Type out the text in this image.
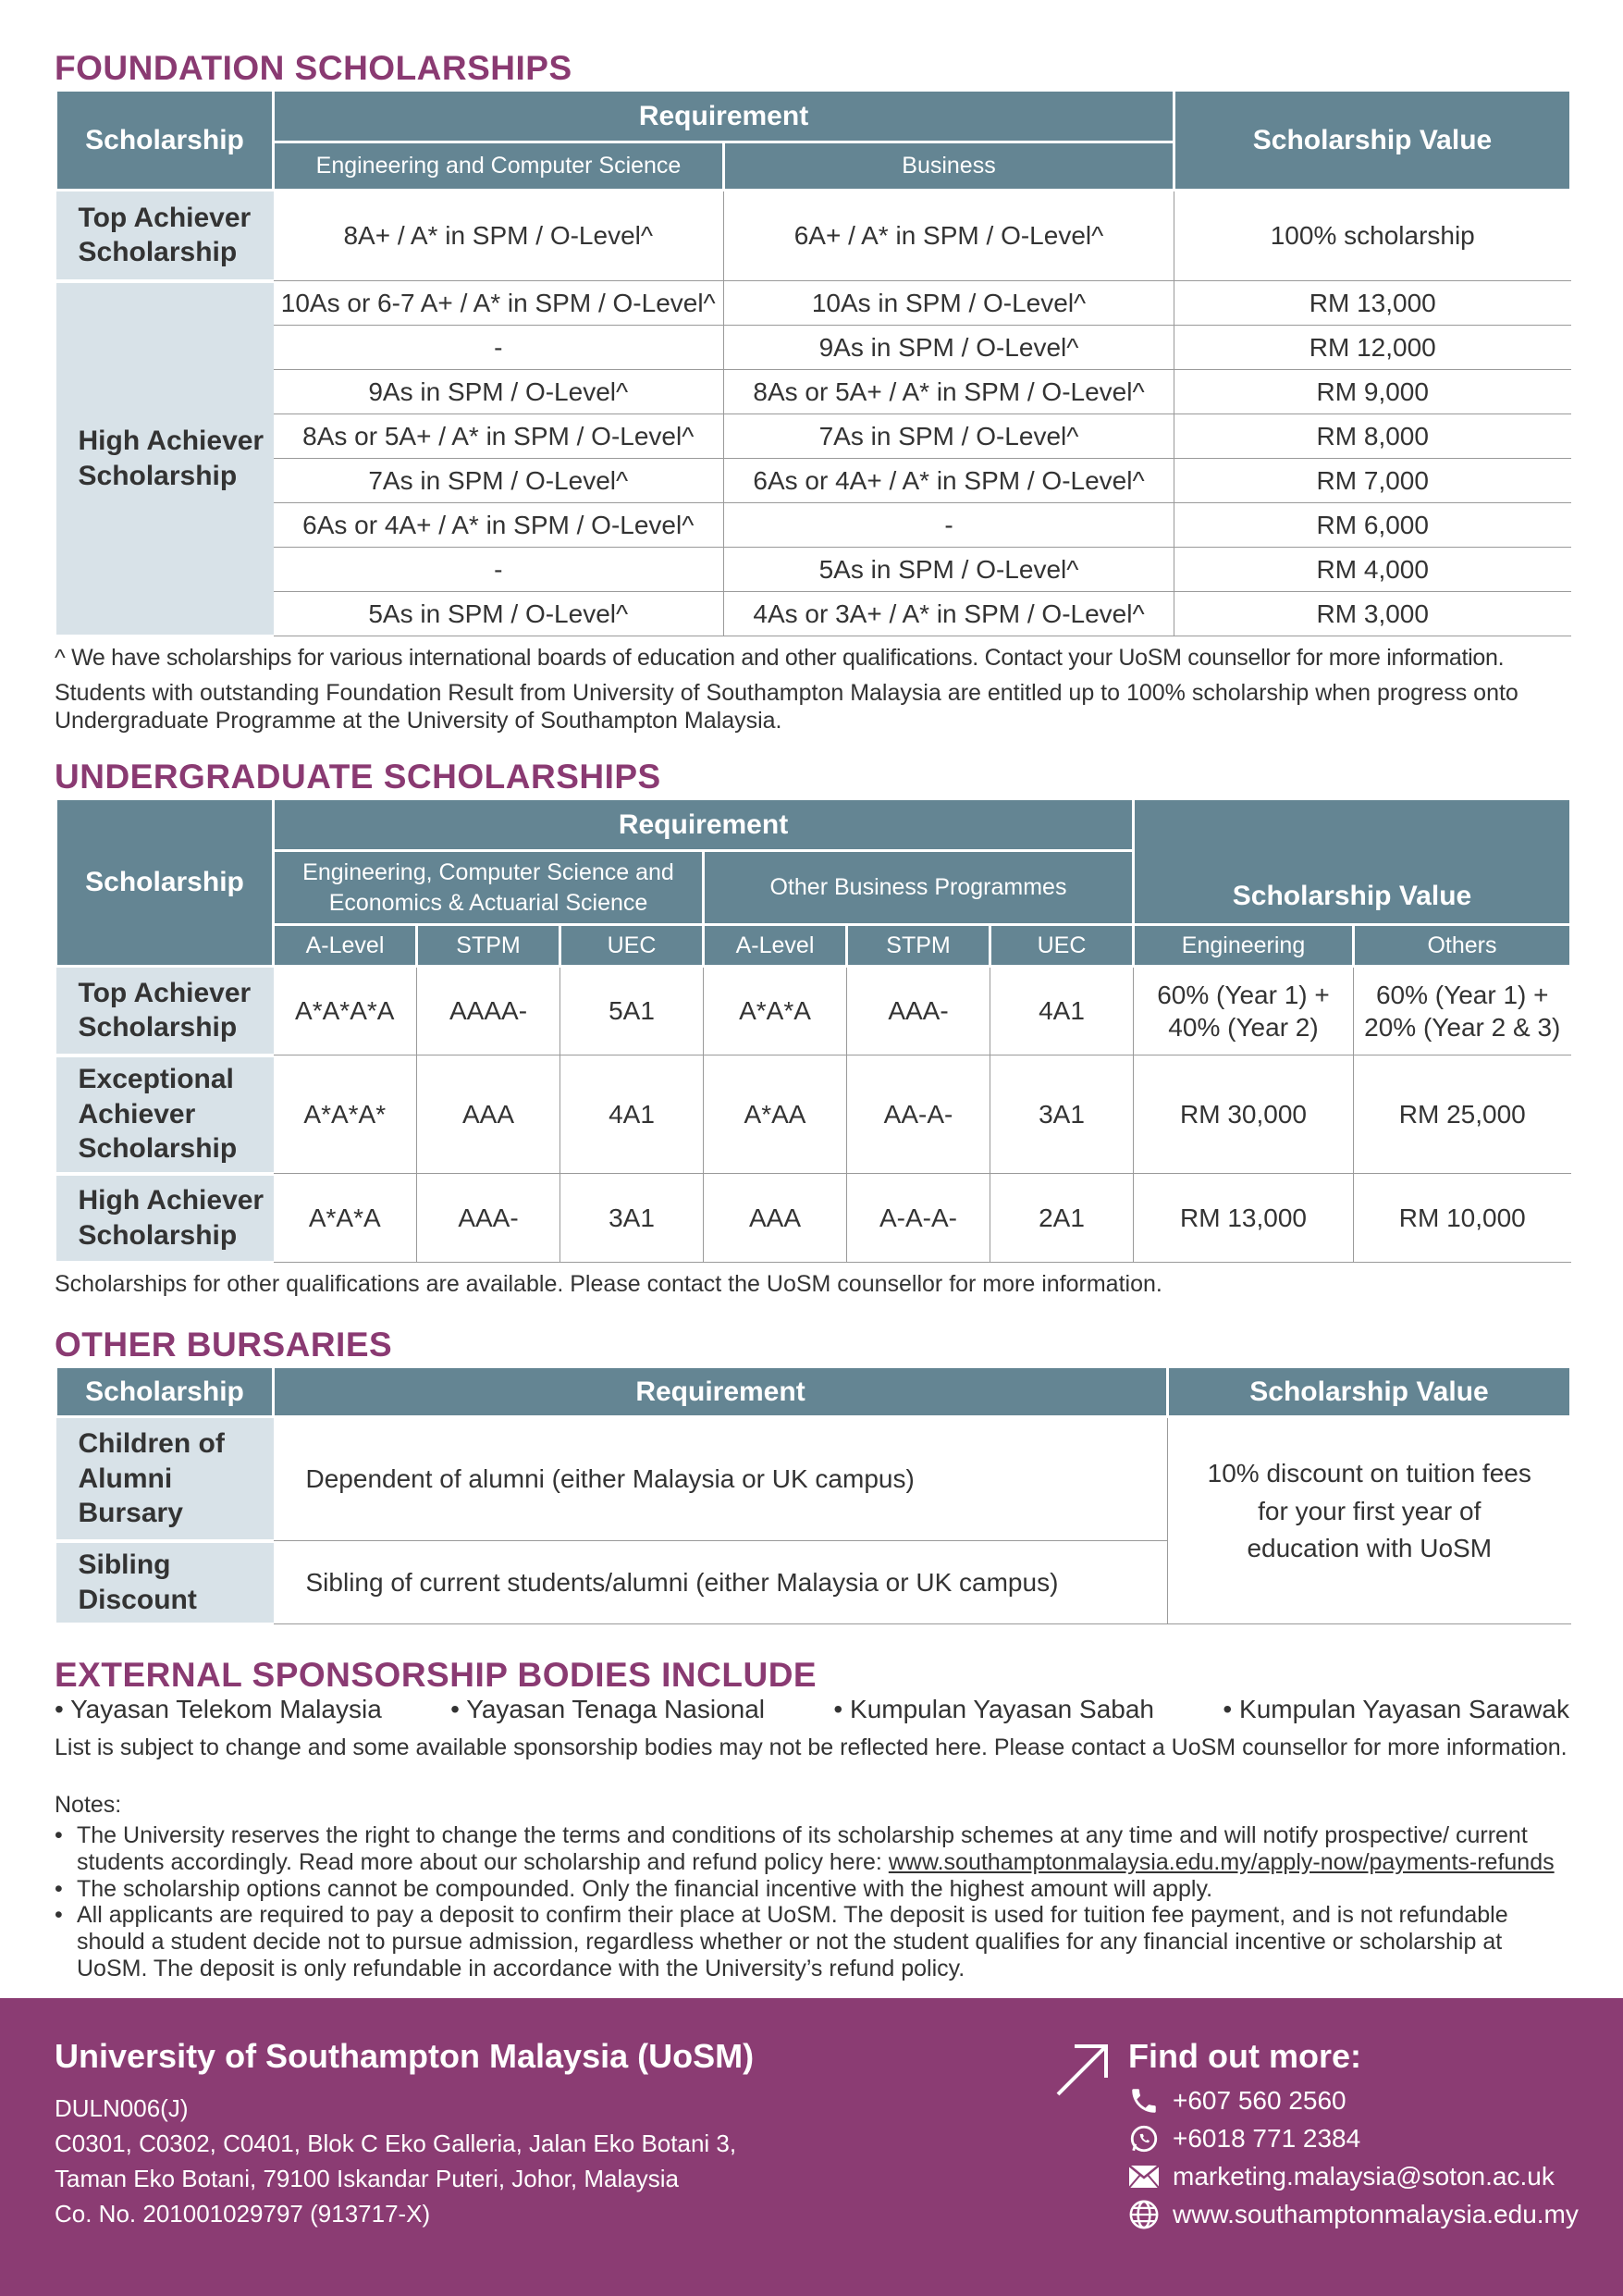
FOUNDATION SCHOLARSHIPS
Scholarship	Requirement		Scholarship Value
	Engineering and Computer Science	Business	
Top Achiever Scholarship	8A+ / A* in SPM / O-Level^	6A+ / A* in SPM / O-Level^	100% scholarship
High Achiever Scholarship	10As or 6-7 A+ / A* in SPM / O-Level^	10As in SPM / O-Level^	RM 13,000
	-	9As in SPM / O-Level^	RM 12,000
	9As in SPM / O-Level^	8As or 5A+ / A* in SPM / O-Level^	RM 9,000
	8As or 5A+ / A* in SPM / O-Level^	7As in SPM / O-Level^	RM 8,000
	7As in SPM / O-Level^	6As or 4A+ / A* in SPM / O-Level^	RM 7,000
	6As or 4A+ / A* in SPM / O-Level^	-	RM 6,000
	-	5As in SPM / O-Level^	RM 4,000
	5As in SPM / O-Level^	4As or 3A+ / A* in SPM / O-Level^	RM 3,000

^ We have scholarships for various international boards of education and other qualifications. Contact your UoSM counsellor for more information.

Students with outstanding Foundation Result from University of Southampton Malaysia are entitled up to 100% scholarship when progress onto Undergraduate Programme at the University of Southampton Malaysia.

UNDERGRADUATE SCHOLARSHIPS
Scholarship	Requirement						Scholarship Value	
	Engineering, Computer Science and Economics & Actuarial Science			Other Business Programmes				
	A-Level	STPM	UEC	A-Level	STPM	UEC	Engineering	Others
Top Achiever Scholarship	A*A*A*A	AAAA-	5A1	A*A*A	AAA-	4A1	60% (Year 1) + 40% (Year 2)	60% (Year 1) + 20% (Year 2 & 3)
Exceptional Achiever Scholarship	A*A*A*	AAA	4A1	A*AA	AA-A-	3A1	RM 30,000	RM 25,000
High Achiever Scholarship	A*A*A	AAA-	3A1	AAA	A-A-A-	2A1	RM 13,000	RM 10,000

Scholarships for other qualifications are available. Please contact the UoSM counsellor for more information.

OTHER BURSARIES
Scholarship	Requirement	Scholarship Value
Children of Alumni Bursary	Dependent of alumni (either Malaysia or UK campus)	10% discount on tuition fees for your first year of education with UoSM
Sibling Discount	Sibling of current students/alumni (either Malaysia or UK campus)	
EXTERNAL SPONSORSHIP BODIES INCLUDE
• Yayasan Telekom Malaysia	• Yayasan Tenaga Nasional	• Kumpulan Yayasan Sabah	• Kumpulan Yayasan Sarawak

List is subject to change and some available sponsorship bodies may not be reflected here. Please contact a UoSM counsellor for more information.

Notes:

• The University reserves the right to change the terms and conditions of its scholarship schemes at any time and will notify prospective/ current students accordingly. Read more about our scholarship and refund policy here: www.southamptonmalaysia.edu.my/apply-now/payments-refunds
• The scholarship options cannot be compounded. Only the financial incentive with the highest amount will apply.
• All applicants are required to pay a deposit to confirm their place at UoSM. The deposit is used for tuition fee payment, and is not refundable should a student decide not to pursue admission, regardless whether or not the student qualifies for any financial incentive or scholarship at UoSM. The deposit is only refundable in accordance with the University’s refund policy.

University of Southampton Malaysia (UoSM)

DULN006(J)
C0301, C0302, C0401, Blok C Eko Galleria, Jalan Eko Botani 3,
Taman Eko Botani, 79100 Iskandar Puteri, Johor, Malaysia
Co. No. 201001029797 (913717-X)

Find out more:

+607 560 2560
+6018 771 2384
marketing.malaysia@soton.ac.uk
www.southamptonmalaysia.edu.my
